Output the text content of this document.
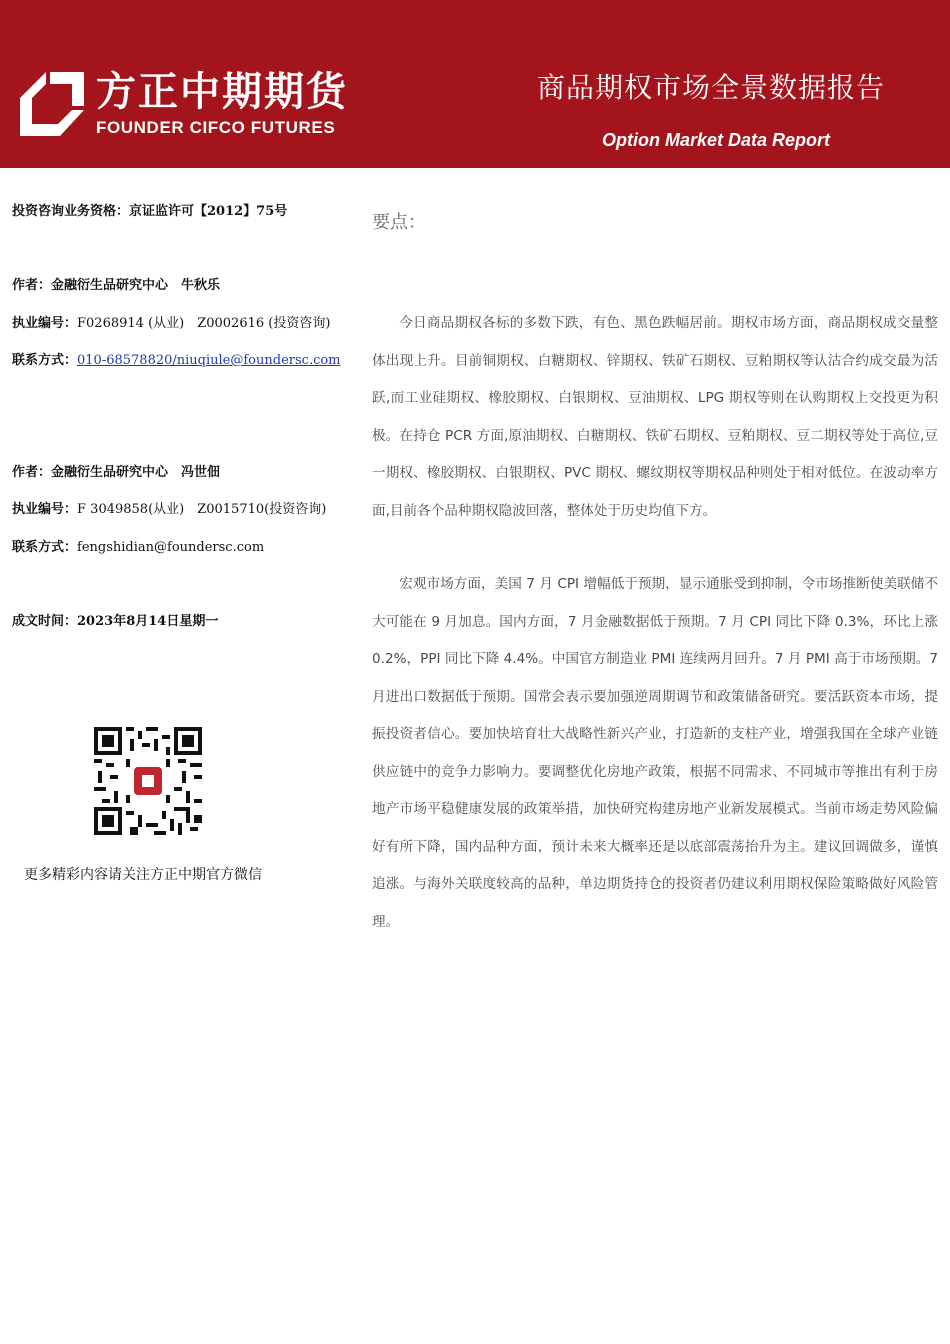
方正中期期货
FOUNDER CIFCO FUTURES
商品期权市场全景数据报告
Option Market Data Report
投资咨询业务资格：京证监许可【2012】75号
作者：金融衍生品研究中心　牛秋乐
执业编号：F0268914 (从业)　Z0002616 (投资咨询)
联系方式：010-68578820/niuqiule@foundersc.com
作者：金融衍生品研究中心　冯世佃
执业编号：F 3049858(从业)　Z0015710(投资咨询)
联系方式：fengshidian@foundersc.com
成文时间：2023年8月14日星期一
更多精彩内容请关注方正中期官方微信
要点：

今日商品期权各标的多数下跌，有色、黑色跌幅居前。期权市场方面，商品期权成交量整体出现上升。目前铜期权、白糖期权、锌期权、铁矿石期权、豆粕期权等认沽合约成交最为活跃,而工业硅期权、橡胶期权、白银期权、豆油期权、LPG 期权等则在认购期权上交投更为积极。在持仓 PCR 方面,原油期权、白糖期权、铁矿石期权、豆粕期权、豆二期权等处于高位,豆一期权、橡胶期权、白银期权、PVC 期权、螺纹期权等期权品种则处于相对低位。在波动率方面,目前各个品种期权隐波回落，整体处于历史均值下方。

宏观市场方面，美国 7 月 CPI 增幅低于预期，显示通胀受到抑制，令市场推断使美联储不大可能在 9 月加息。国内方面，7 月金融数据低于预期。7 月 CPI 同比下降 0.3%，环比上涨 0.2%，PPI 同比下降 4.4%。中国官方制造业 PMI 连续两月回升。7 月 PMI 高于市场预期。7 月进出口数据低于预期。国常会表示要加强逆周期调节和政策储备研究。要活跃资本市场，提振投资者信心。要加快培育壮大战略性新兴产业，打造新的支柱产业，增强我国在全球产业链供应链中的竞争力影响力。要调整优化房地产政策，根据不同需求、不同城市等推出有利于房地产市场平稳健康发展的政策举措，加快研究构建房地产业新发展模式。当前市场走势风险偏好有所下降，国内品种方面，预计未来大概率还是以底部震荡抬升为主。建议回调做多，谨慎追涨。与海外关联度较高的品种，单边期货持仓的投资者仍建议利用期权保险策略做好风险管理。
